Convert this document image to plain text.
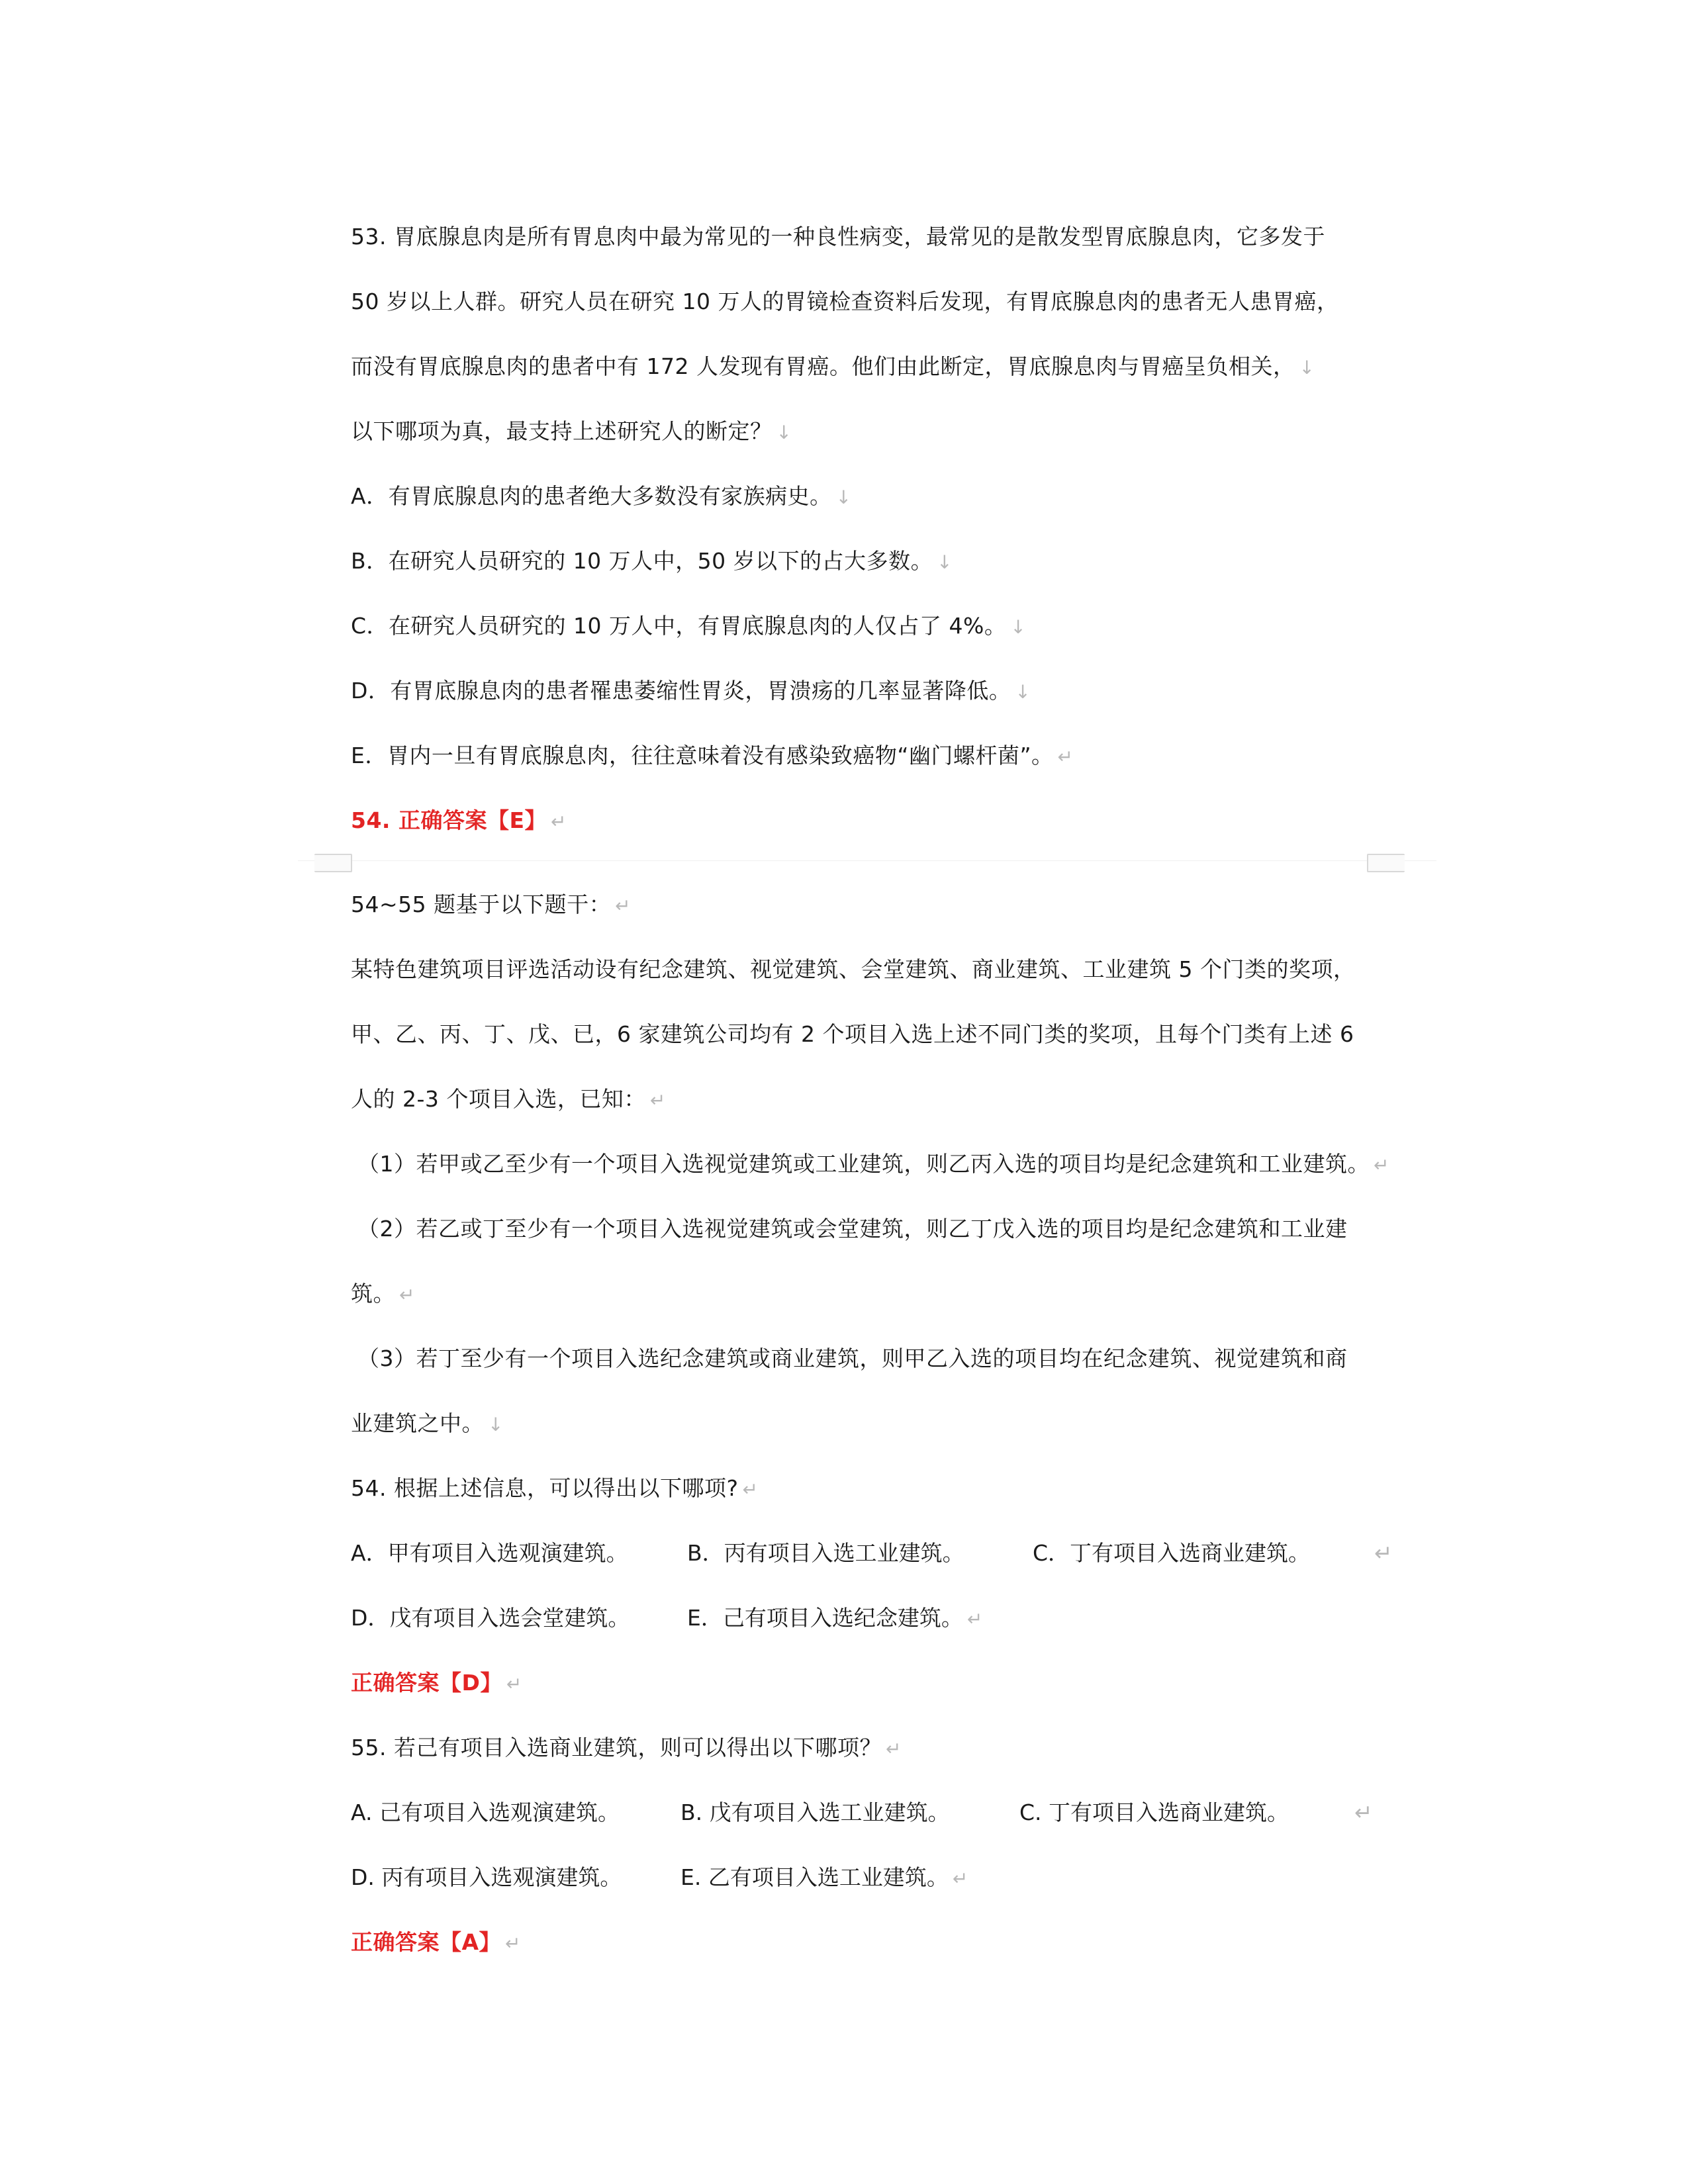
53. 胃底腺息肉是所有胃息肉中最为常见的一种良性病变，最常见的是散发型胃底腺息肉，它多发于
50 岁以上人群。研究人员在研究 10 万人的胃镜检查资料后发现，有胃底腺息肉的患者无人患胃癌，
而没有胃底腺息肉的患者中有 172 人发现有胃癌。他们由此断定，胃底腺息肉与胃癌呈负相关， ↓
以下哪项为真，最支持上述研究人的断定？ ↓
A．有胃底腺息肉的患者绝大多数没有家族病史。 ↓
B．在研究人员研究的 10 万人中，50 岁以下的占大多数。 ↓
C．在研究人员研究的 10 万人中，有胃底腺息肉的人仅占了 4%。 ↓
D．有胃底腺息肉的患者罹患萎缩性胃炎，胃溃疡的几率显著降低。 ↓
E．胃内一旦有胃底腺息肉，往往意味着没有感染致癌物“幽门螺杆菌”。 ↵
54. 正确答案【E】 ↵
54~55 题基于以下题干： ↵
某特色建筑项目评选活动设有纪念建筑、视觉建筑、会堂建筑、商业建筑、工业建筑 5 个门类的奖项，
甲、乙、丙、丁、戊、已，6 家建筑公司均有 2 个项目入选上述不同门类的奖项，且每个门类有上述 6
人的 2-3 个项目入选，已知： ↵
（1）若甲或乙至少有一个项目入选视觉建筑或工业建筑，则乙丙入选的项目均是纪念建筑和工业建筑。 ↵
（2）若乙或丁至少有一个项目入选视觉建筑或会堂建筑，则乙丁戊入选的项目均是纪念建筑和工业建
筑。 ↵
（3）若丁至少有一个项目入选纪念建筑或商业建筑，则甲乙入选的项目均在纪念建筑、视觉建筑和商
业建筑之中。 ↓
54. 根据上述信息，可以得出以下哪项? ↵
A．甲有项目入选观演建筑。	B．丙有项目入选工业建筑。	C．丁有项目入选商业建筑。	↵
D．戊有项目入选会堂建筑。	E．己有项目入选纪念建筑。 ↵
正确答案【D】 ↵
55. 若己有项目入选商业建筑，则可以得出以下哪项？ ↵
A. 己有项目入选观演建筑。	B. 戊有项目入选工业建筑。	C. 丁有项目入选商业建筑。	↵
D. 丙有项目入选观演建筑。	E. 乙有项目入选工业建筑。 ↵
正确答案【A】 ↵
